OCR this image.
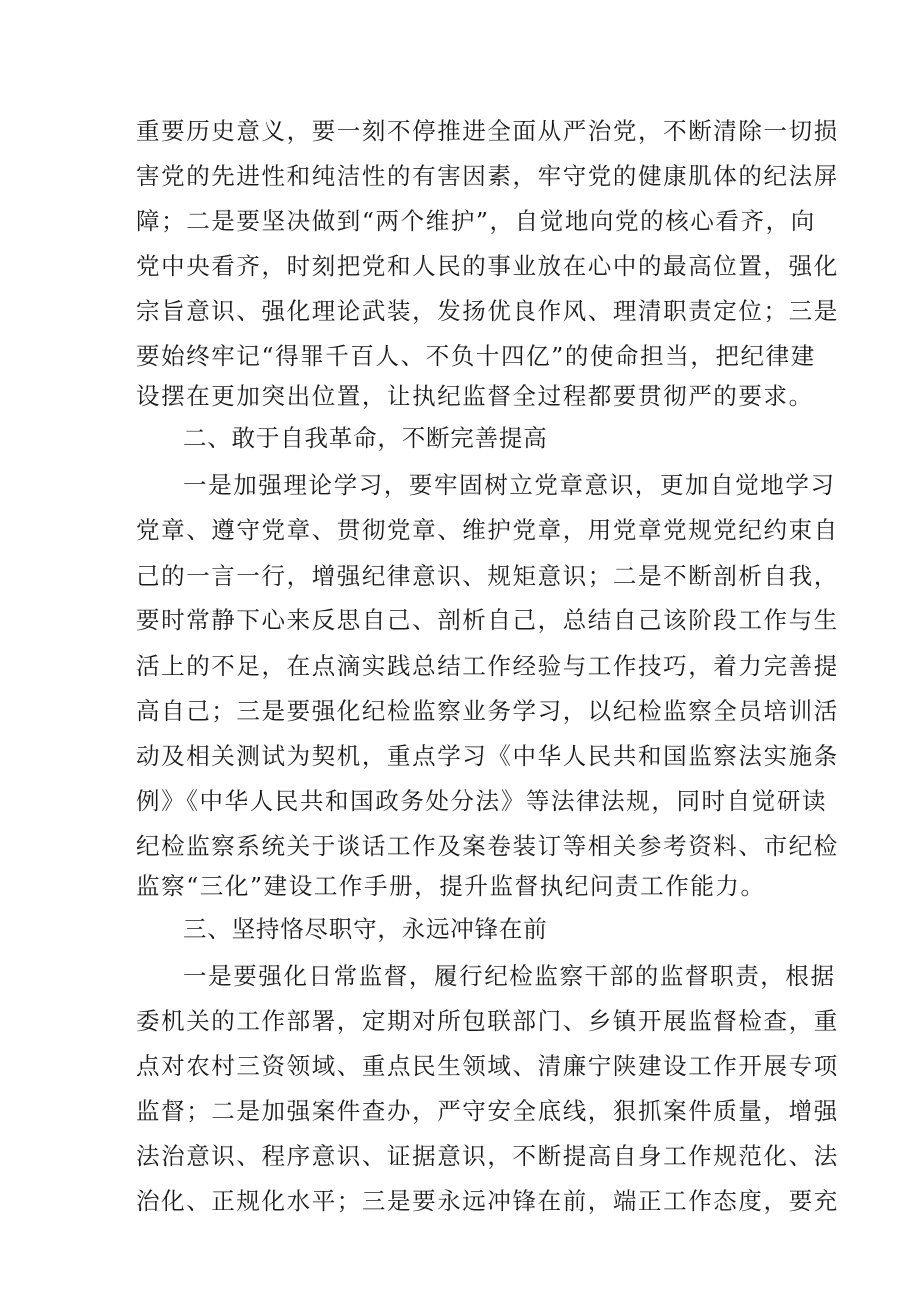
重要历史意义，要一刻不停推进全面从严治党，不断清除一切损
害党的先进性和纯洁性的有害因素，牢守党的健康肌体的纪法屏
障；二是要坚决做到“两个维护”，自觉地向党的核心看齐，向
党中央看齐，时刻把党和人民的事业放在心中的最高位置，强化
宗旨意识、强化理论武装，发扬优良作风、理清职责定位；三是
要始终牢记“得罪千百人、不负十四亿”的使命担当，把纪律建
设摆在更加突出位置，让执纪监督全过程都要贯彻严的要求。
二、敢于自我革命，不断完善提高
一是加强理论学习，要牢固树立党章意识，更加自觉地学习
党章、遵守党章、贯彻党章、维护党章，用党章党规党纪约束自
己的一言一行，增强纪律意识、规矩意识；二是不断剖析自我，
要时常静下心来反思自己、剖析自己，总结自己该阶段工作与生
活上的不足，在点滴实践总结工作经验与工作技巧，着力完善提
高自己；三是要强化纪检监察业务学习，以纪检监察全员培训活
动及相关测试为契机，重点学习《中华人民共和国监察法实施条
例》《中华人民共和国政务处分法》等法律法规，同时自觉研读
纪检监察系统关于谈话工作及案卷装订等相关参考资料、市纪检
监察“三化”建设工作手册，提升监督执纪问责工作能力。
三、坚持恪尽职守，永远冲锋在前
一是要强化日常监督，履行纪检监察干部的监督职责，根据
委机关的工作部署，定期对所包联部门、乡镇开展监督检查，重
点对农村三资领域、重点民生领域、清廉宁陕建设工作开展专项
监督；二是加强案件查办，严守安全底线，狠抓案件质量，增强
法治意识、程序意识、证据意识，不断提高自身工作规范化、法
治化、正规化水平；三是要永远冲锋在前，端正工作态度，要充
